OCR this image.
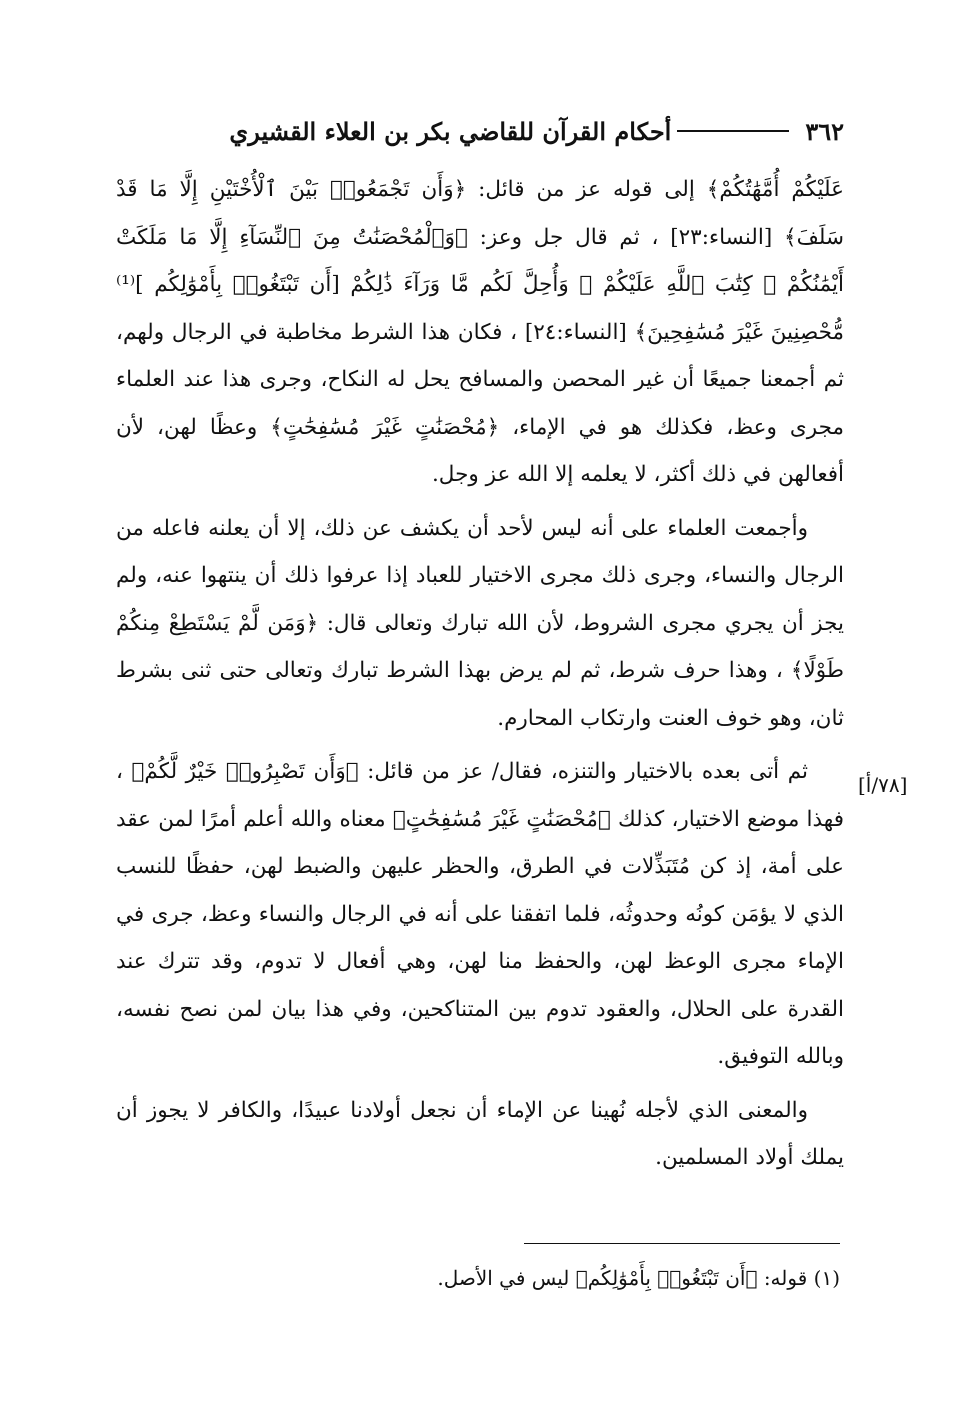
٣٦٢
أحكام القرآن للقاضي بكر بن العلاء القشيري
[٧٨/أ]

عَلَيْكُمْ أُمَّهَٰتُكُمْ﴾ إلى قوله عز من قائل: ﴿وَأَن تَجْمَعُوا۟ بَيْنَ ٱلْأُخْتَيْنِ إِلَّا مَا قَدْ سَلَفَ﴾ [النساء:٢٣] ، ثم قال جل وعز: ﴿وَٱلْمُحْصَنَٰتُ مِنَ ٱلنِّسَآءِ إِلَّا مَا مَلَكَتْ أَيْمَٰنُكُمْ ۖ كِتَٰبَ ٱللَّهِ عَلَيْكُمْ ۚ وَأُحِلَّ لَكُم مَّا وَرَآءَ ذَٰلِكُمْ [أَن تَبْتَغُوا۟ بِأَمْوَٰلِكُم ]⁽¹⁾ مُّحْصِنِينَ غَيْرَ مُسَٰفِحِينَ﴾ [النساء:٢٤] ، فكان هذا الشرط مخاطبة في الرجال ولهم، ثم أجمعنا جميعًا أن غير المحصن والمسافح يحل له النكاح، وجرى هذا عند العلماء مجرى وعظ، فكذلك هو في الإماء، ﴿مُحْصَنَٰتٍ غَيْرَ مُسَٰفِحَٰتٍ﴾ وعظًا لهن، لأن أفعالهن في ذلك أكثر، لا يعلمه إلا الله عز وجل.

وأجمعت العلماء على أنه ليس لأحد أن يكشف عن ذلك، إلا أن يعلنه فاعله من الرجال والنساء، وجرى ذلك مجرى الاختيار للعباد إذا عرفوا ذلك أن ينتهوا عنه، ولم يجز أن يجري مجرى الشروط، لأن الله تبارك وتعالى قال: ﴿وَمَن لَّمْ يَسْتَطِعْ مِنكُمْ طَوْلًا﴾ ، وهذا حرف شرط، ثم لم يرض بهذا الشرط تبارك وتعالى حتى ثنى بشرط ثان، وهو خوف العنت وارتكاب المحارم.

ثم أتى بعده بالاختيار والتنزه، فقال/ عز من قائل: ﴿وَأَن تَصْبِرُوا۟ خَيْرٌ لَّكُمْ﴾ ، فهذا موضع الاختيار، كذلك ﴿مُحْصَنَٰتٍ غَيْرَ مُسَٰفِحَٰتٍ﴾ معناه والله أعلم أمرًا لمن عقد على أمة، إذ كن مُتَبَذِّلات في الطرق، والحظر عليهن والضبط لهن، حفظًا للنسب الذي لا يؤمَن كونُه وحدوثُه، فلما اتفقنا على أنه في الرجال والنساء وعظ، جرى في الإماء مجرى الوعظ لهن، والحفظ منا لهن، وهي أفعال لا تدوم، وقد تترك عند القدرة على الحلال، والعقود تدوم بين المتناكحين، وفي هذا بيان لمن نصح نفسه، وبالله التوفيق.

والمعنى الذي لأجله نُهينا عن الإماء أن نجعل أولادنا عبيدًا، والكافر لا يجوز أن يملك أولاد المسلمين.

(١) قوله: ﴿أَن تَبْتَغُوا۟ بِأَمْوَٰلِكُم﴾ ليس في الأصل.
